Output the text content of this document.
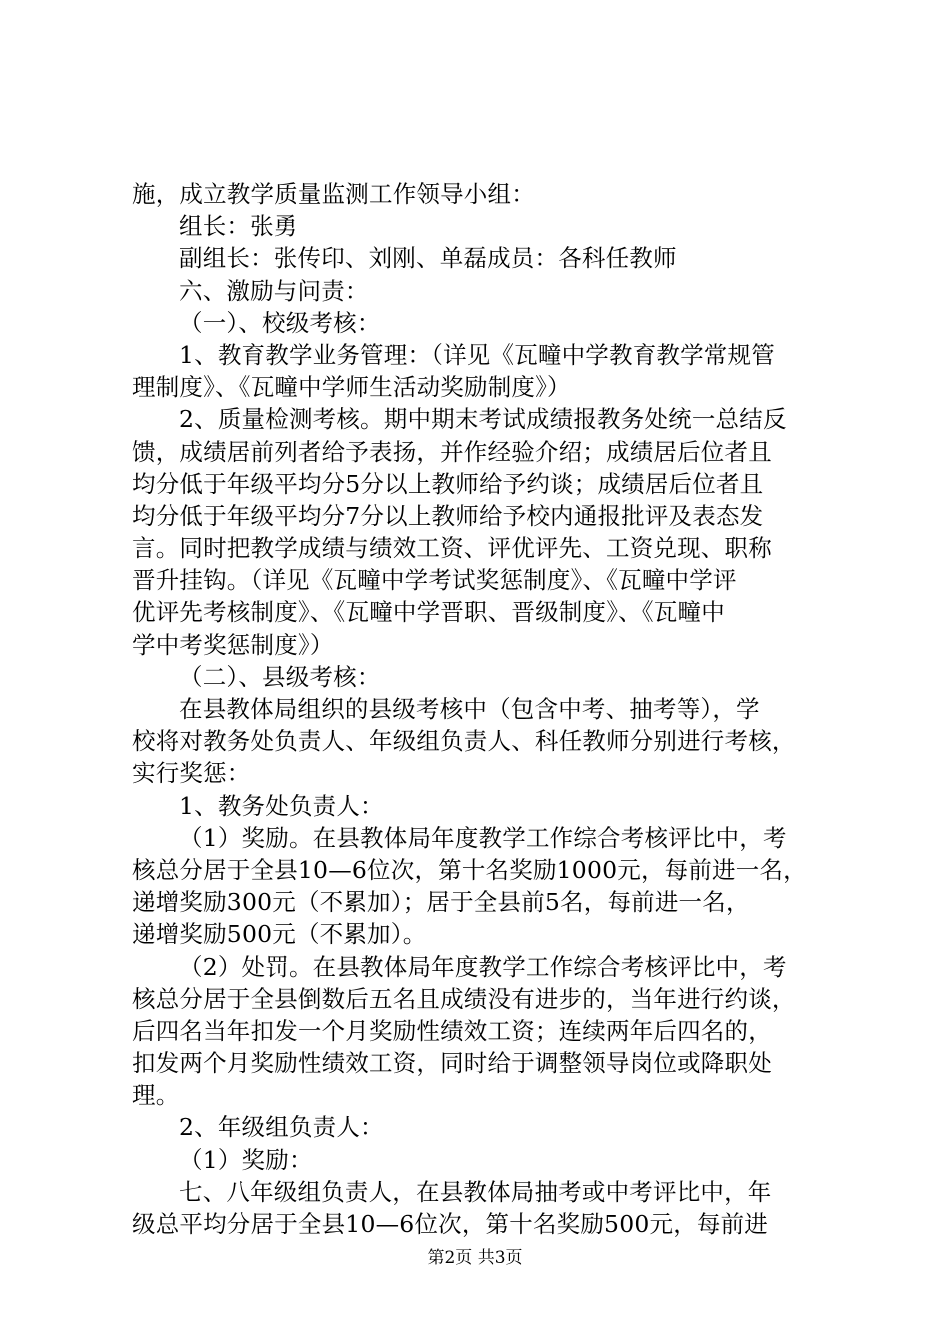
施，成立教学质量监测工作领导小组：
组长：张勇
副组长：张传印、刘刚、单磊成员：各科任教师
六、激励与问责：
（一）、校级考核：
1、教育教学业务管理：（详见《瓦疃中学教育教学常规管
理制度》、《瓦疃中学师生活动奖励制度》）
2、质量检测考核。期中期末考试成绩报教务处统一总结反
馈，成绩居前列者给予表扬，并作经验介绍；成绩居后位者且
均分低于年级平均分5分以上教师给予约谈；成绩居后位者且
均分低于年级平均分7分以上教师给予校内通报批评及表态发
言。同时把教学成绩与绩效工资、评优评先、工资兑现、职称
晋升挂钩。（详见《瓦疃中学考试奖惩制度》、《瓦疃中学评
优评先考核制度》、《瓦疃中学晋职、晋级制度》、《瓦疃中
学中考奖惩制度》）
（二）、县级考核：
在县教体局组织的县级考核中（包含中考、抽考等），学
校将对教务处负责人、年级组负责人、科任教师分别进行考核，
实行奖惩：
1、教务处负责人：
（1）奖励。在县教体局年度教学工作综合考核评比中，考
核总分居于全县10—6位次，第十名奖励1000元，每前进一名，
递增奖励300元（不累加）；居于全县前5名，每前进一名，
递增奖励500元（不累加）。
（2）处罚。在县教体局年度教学工作综合考核评比中，考
核总分居于全县倒数后五名且成绩没有进步的，当年进行约谈，
后四名当年扣发一个月奖励性绩效工资；连续两年后四名的，
扣发两个月奖励性绩效工资，同时给于调整领导岗位或降职处
理。
2、年级组负责人：
（1）奖励：
七、八年级组负责人，在县教体局抽考或中考评比中，年
级总平均分居于全县10—6位次，第十名奖励500元，每前进
第2页 共3页
